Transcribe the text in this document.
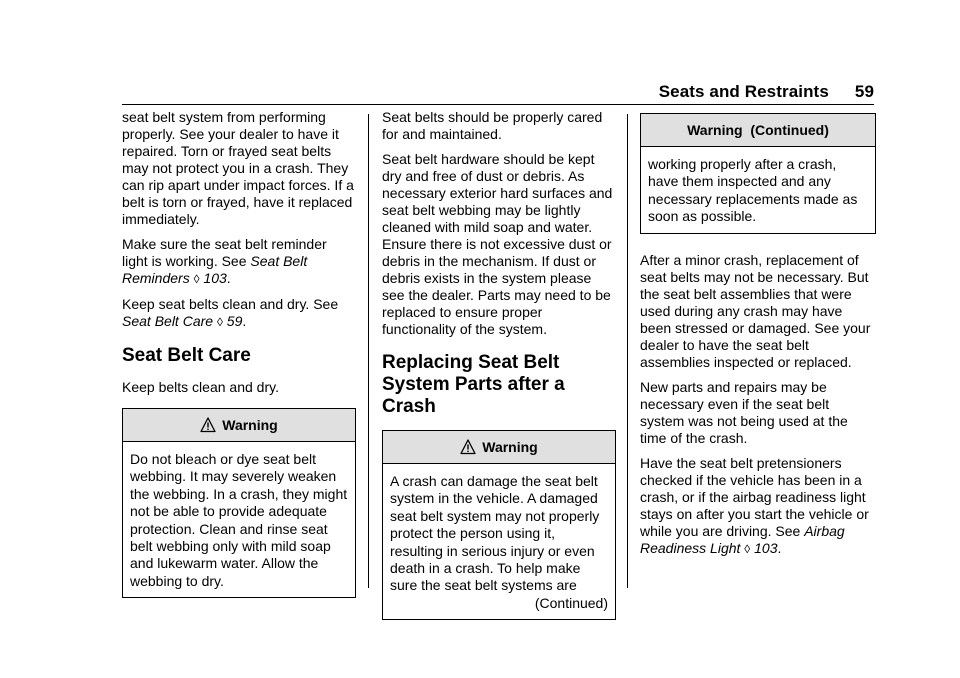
Seats and Restraints 59

seat belt system from performing properly. See your dealer to have it repaired. Torn or frayed seat belts may not protect you in a crash. They can rip apart under impact forces. If a belt is torn or frayed, have it replaced immediately.

Make sure the seat belt reminder light is working. See Seat Belt Reminders ◊ 103.

Keep seat belts clean and dry. See Seat Belt Care ◊ 59.

Seat Belt Care

Keep belts clean and dry.

Warning
Do not bleach or dye seat belt webbing. It may severely weaken the webbing. In a crash, they might not be able to provide adequate protection. Clean and rinse seat belt webbing only with mild soap and lukewarm water. Allow the webbing to dry.

Seat belts should be properly cared for and maintained.

Seat belt hardware should be kept dry and free of dust or debris. As necessary exterior hard surfaces and seat belt webbing may be lightly cleaned with mild soap and water. Ensure there is not excessive dust or debris in the mechanism. If dust or debris exists in the system please see the dealer. Parts may need to be replaced to ensure proper functionality of the system.

Replacing Seat Belt System Parts after a Crash
Warning
A crash can damage the seat belt system in the vehicle. A damaged seat belt system may not properly protect the person using it, resulting in serious injury or even death in a crash. To help make sure the seat belt systems are
(Continued)
Warning  (Continued)
working properly after a crash, have them inspected and any necessary replacements made as soon as possible.

After a minor crash, replacement of seat belts may not be necessary. But the seat belt assemblies that were used during any crash may have been stressed or damaged. See your dealer to have the seat belt assemblies inspected or replaced.

New parts and repairs may be necessary even if the seat belt system was not being used at the time of the crash.

Have the seat belt pretensioners checked if the vehicle has been in a crash, or if the airbag readiness light stays on after you start the vehicle or while you are driving. See Airbag Readiness Light ◊ 103.
